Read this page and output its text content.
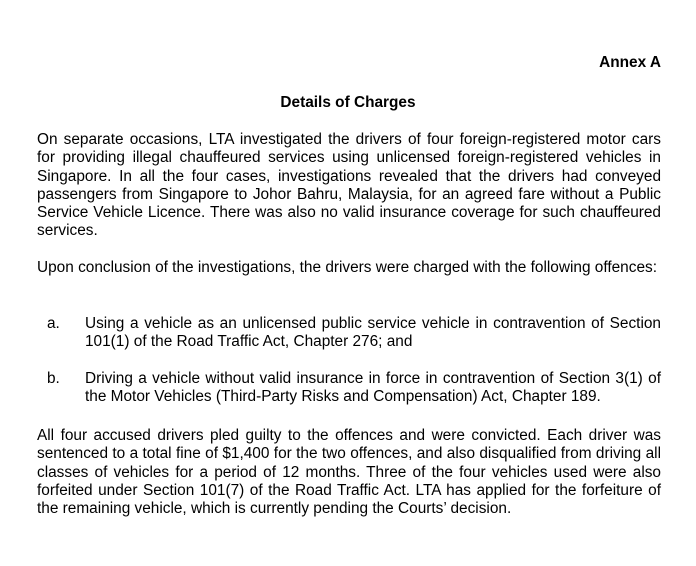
Annex A
Details of Charges

On separate occasions, LTA investigated the drivers of four foreign-registered motor cars for providing illegal chauffeured services using unlicensed foreign-registered vehicles in Singapore. In all the four cases, investigations revealed that the drivers had conveyed passengers from Singapore to Johor Bahru, Malaysia, for an agreed fare without a Public Service Vehicle Licence. There was also no valid insurance coverage for such chauffeured services.

Upon conclusion of the investigations, the drivers were charged with the following offences:

a. Using a vehicle as an unlicensed public service vehicle in contravention of Section 101(1) of the Road Traffic Act, Chapter 276; and

b. Driving a vehicle without valid insurance in force in contravention of Section 3(1) of the Motor Vehicles (Third-Party Risks and Compensation) Act, Chapter 189.

All four accused drivers pled guilty to the offences and were convicted. Each driver was sentenced to a total fine of $1,400 for the two offences, and also disqualified from driving all classes of vehicles for a period of 12 months. Three of the four vehicles used were also forfeited under Section 101(7) of the Road Traffic Act. LTA has applied for the forfeiture of the remaining vehicle, which is currently pending the Courts’ decision.
